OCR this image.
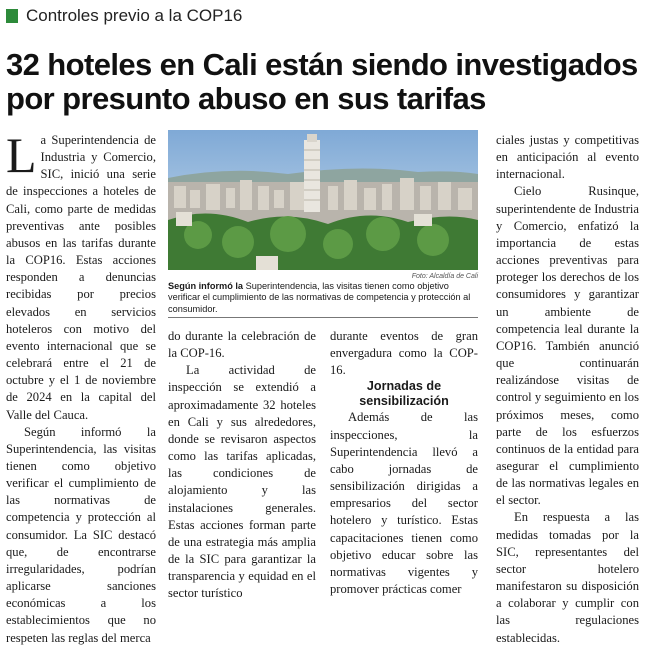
Controles previo a la COP16
32 hoteles en Cali están siendo investigados por presunto abuso en sus tarifas

La Superintendencia de Industria y Comercio, SIC, inició una serie de inspecciones a hoteles de Cali, como parte de medidas preventivas ante posibles abusos en las tarifas durante la COP16. Estas acciones responden a denuncias recibidas por precios elevados en servicios hoteleros con motivo del evento internacional que se celebrará entre el 21 de octubre y el 1 de noviembre de 2024 en la capital del Valle del Cauca.

Según informó la Superintendencia, las visitas tienen como objetivo verificar el cumplimiento de las normativas de competencia y protección al consumidor. La SIC destacó que, de encontrarse irregularidades, podrían aplicarse sanciones económicas a los establecimientos que no respeten las reglas del merca

Foto: Alcaldía de Cali

Según informó la Superintendencia, las visitas tienen como objetivo verificar el cumplimiento de las normativas de competencia y protección al consumidor.

do durante la celebración de la COP-16.

La actividad de inspección se extendió a aproximadamente 32 hoteles en Cali y sus alrededores, donde se revisaron aspectos como las tarifas aplicadas, las condiciones de alojamiento y las instalaciones generales. Estas acciones forman parte de una estrategia más amplia de la SIC para garantizar la transparencia y equidad en el sector turístico

durante eventos de gran envergadura como la COP-16.

Jornadas de sensibilización

Además de las inspecciones, la Superintendencia llevó a cabo jornadas de sensibilización dirigidas a empresarios del sector hotelero y turístico. Estas capacitaciones tienen como objetivo educar sobre las normativas vigentes y promover prácticas comer

ciales justas y competitivas en anticipación al evento internacional.

Cielo Rusinque, superintendente de Industria y Comercio, enfatizó la importancia de estas acciones preventivas para proteger los derechos de los consumidores y garantizar un ambiente de competencia leal durante la COP16. También anunció que continuarán realizándose visitas de control y seguimiento en los próximos meses, como parte de los esfuerzos continuos de la entidad para asegurar el cumplimiento de las normativas legales en el sector.

En respuesta a las medidas tomadas por la SIC, representantes del sector hotelero manifestaron su disposición a colaborar y cumplir con las regulaciones establecidas.
